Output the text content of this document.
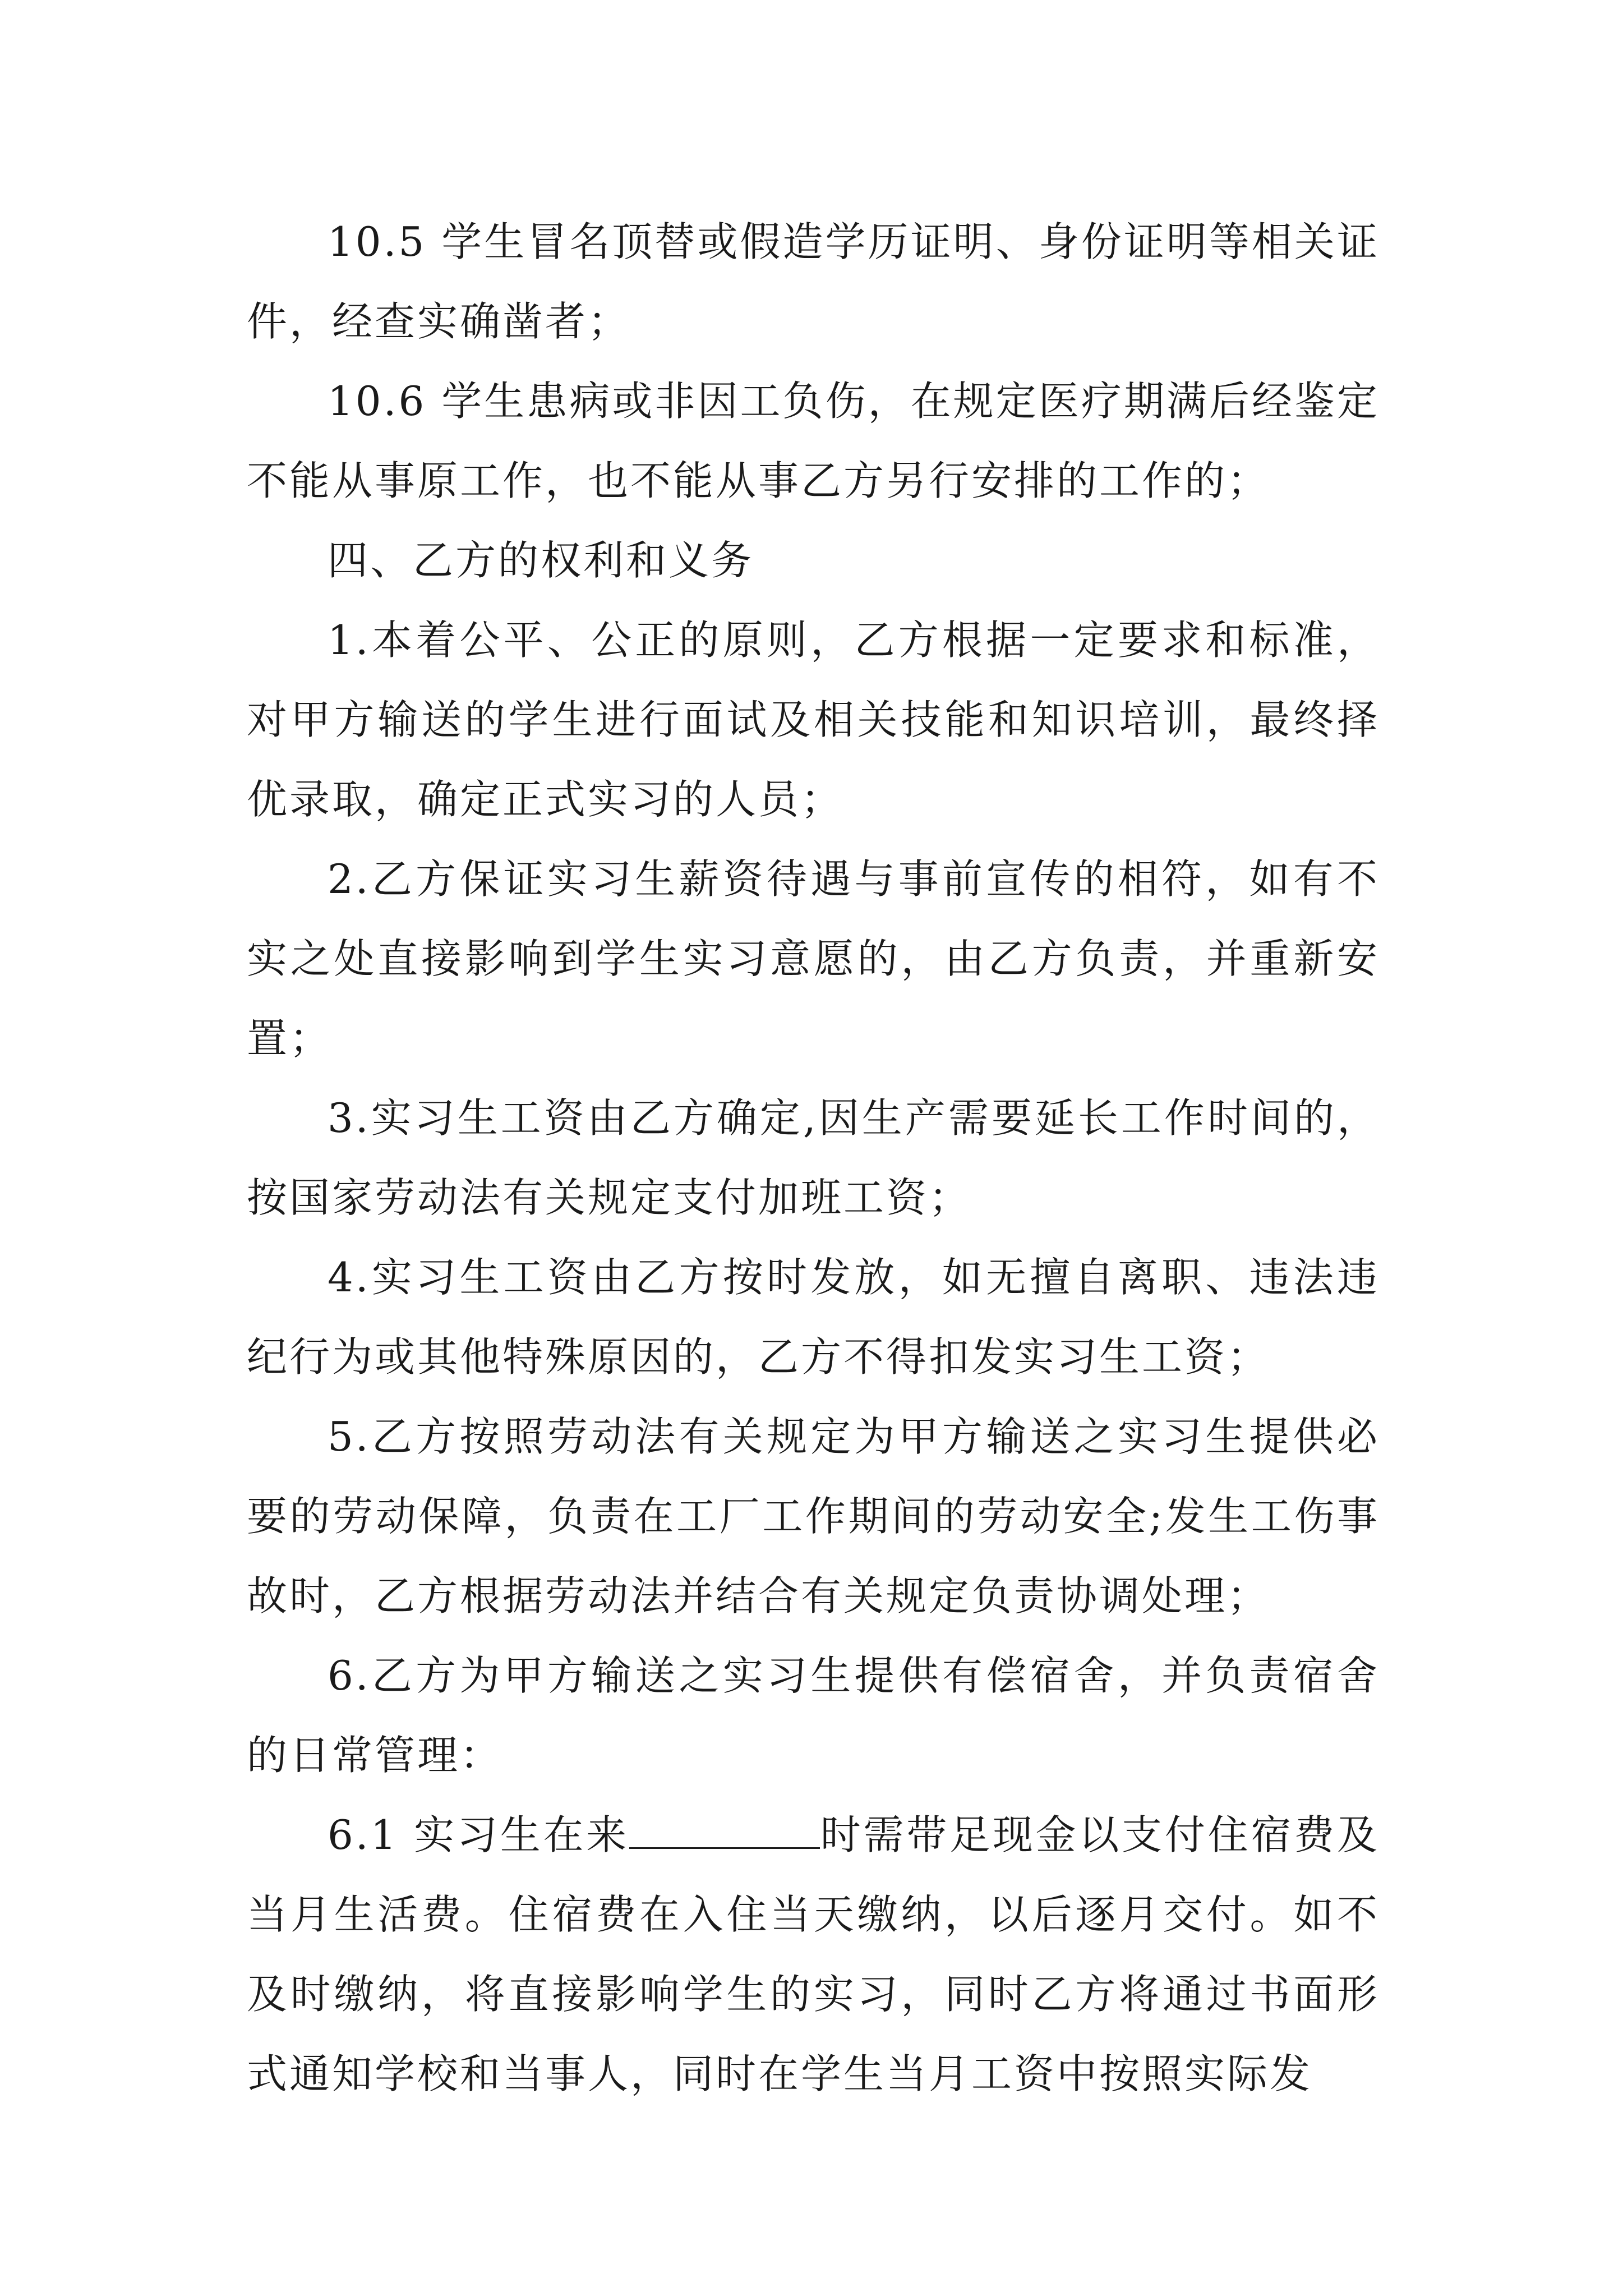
10.5 学生冒名顶替或假造学历证明、身份证明等相关证件，经查实确凿者；

10.6 学生患病或非因工负伤，在规定医疗期满后经鉴定不能从事原工作，也不能从事乙方另行安排的工作的；

四、乙方的权利和义务

1.本着公平、公正的原则，乙方根据一定要求和标准，对甲方输送的学生进行面试及相关技能和知识培训，最终择优录取，确定正式实习的人员；

2.乙方保证实习生薪资待遇与事前宣传的相符，如有不实之处直接影响到学生实习意愿的，由乙方负责，并重新安置；

3.实习生工资由乙方确定,因生产需要延长工作时间的，按国家劳动法有关规定支付加班工资；

4.实习生工资由乙方按时发放，如无擅自离职、违法违纪行为或其他特殊原因的，乙方不得扣发实习生工资；

5.乙方按照劳动法有关规定为甲方输送之实习生提供必要的劳动保障，负责在工厂工作期间的劳动安全;发生工伤事故时，乙方根据劳动法并结合有关规定负责协调处理；

6.乙方为甲方输送之实习生提供有偿宿舍，并负责宿舍的日常管理：

6.1 实习生在来	时需带足现金以支付住宿费及当月生活费。住宿费在入住当天缴纳，以后逐月交付。如不及时缴纳，将直接影响学生的实习，同时乙方将通过书面形式通知学校和当事人，同时在学生当月工资中按照实际发
